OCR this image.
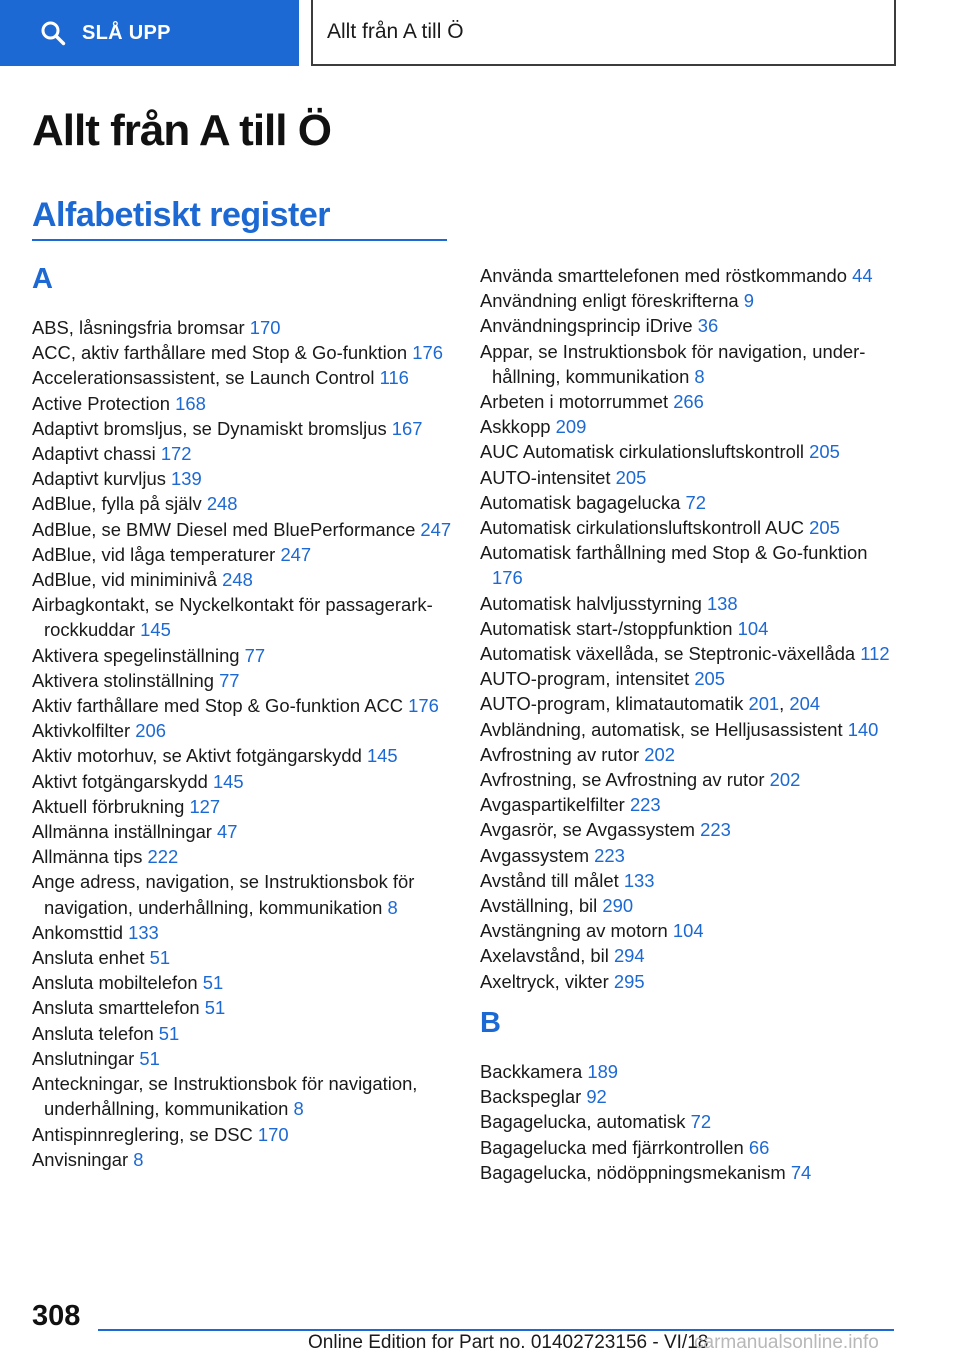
SLÅ UPP	Allt från A till Ö
Allt från A till Ö
Alfabetiskt register
A
ABS, låsningsfria bromsar 170
ACC, aktiv farthållare med Stop & Go-funktion 176
Accelerationsassistent, se Launch Control 116
Active Protection 168
Adaptivt bromsljus, se Dynamiskt bromsljus 167
Adaptivt chassi 172
Adaptivt kurvljus 139
AdBlue, fylla på själv 248
AdBlue, se BMW Diesel med BluePerformance 247
AdBlue, vid låga temperaturer 247
AdBlue, vid miniminivå 248
Airbagkontakt, se Nyckelkontakt för passagerarkrockkuddar 145
Aktivera spegelinställning 77
Aktivera stolinställning 77
Aktiv farthållare med Stop & Go-funktion ACC 176
Aktivkolfilter 206
Aktiv motorhuv, se Aktivt fotgängarskydd 145
Aktivt fotgängarskydd 145
Aktuell förbrukning 127
Allmänna inställningar 47
Allmänna tips 222
Ange adress, navigation, se Instruktionsbok för navigation, underhållning, kommunikation 8
Ankomsttid 133
Ansluta enhet 51
Ansluta mobiltelefon 51
Ansluta smarttelefon 51
Ansluta telefon 51
Anslutningar 51
Anteckningar, se Instruktionsbok för navigation, underhållning, kommunikation 8
Antispinnreglering, se DSC 170
Anvisningar 8
Använda smarttelefonen med röstkommando 44
Användning enligt föreskrifterna 9
Användningsprincip iDrive 36
Appar, se Instruktionsbok för navigation, underhållning, kommunikation 8
Arbeten i motorrummet 266
Askkopp 209
AUC Automatisk cirkulationsluftskontroll 205
AUTO-intensitet 205
Automatisk bagagelucka 72
Automatisk cirkulationsluftskontroll AUC 205
Automatisk farthållning med Stop & Go-funktion 176
Automatisk halvljusstyrning 138
Automatisk start-/stoppfunktion 104
Automatisk växellåda, se Steptronic-växellåda 112
AUTO-program, intensitet 205
AUTO-program, klimatautomatik 201, 204
Avbländning, automatisk, se Helljusassistent 140
Avfrostning av rutor 202
Avfrostning, se Avfrostning av rutor 202
Avgaspartikelfilter 223
Avgasrör, se Avgassystem 223
Avgassystem 223
Avstånd till målet 133
Avställning, bil 290
Avstängning av motorn 104
Axelavstånd, bil 294
Axeltryck, vikter 295
B
Backkamera 189
Backspeglar 92
Bagagelucka, automatisk 72
Bagagelucka med fjärrkontrollen 66
Bagagelucka, nödöppningsmekanism 74
308
Online Edition for Part no. 01402723156 - VI/18
carmanualsonline.info
